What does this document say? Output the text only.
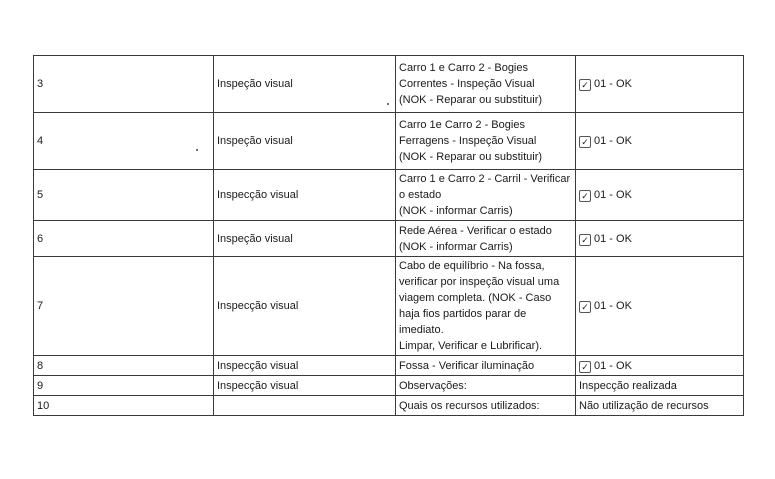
3	Inspeção visual	Carro 1 e Carro 2 - Bogies
Correntes - Inspeção Visual
(NOK - Reparar ou substituir)	✓ 01 - OK
4	Inspeção visual	Carro 1e Carro 2 - Bogies
Ferragens - Inspeção Visual
(NOK - Reparar ou substituir)	✓ 01 - OK
5	Inspecção visual	Carro 1 e Carro 2 - Carril - Verificar
o estado
(NOK - informar Carris)	✓ 01 - OK
6	Inspeção visual	Rede Aérea - Verificar o estado
(NOK - informar Carris)	✓ 01 - OK
7	Inspecção visual	Cabo de equilíbrio - Na fossa,
verificar por inspeção visual uma
viagem completa. (NOK - Caso
haja fios partidos parar de imediato.
Limpar, Verificar e Lubrificar).	✓ 01 - OK
8	Inspecção visual	Fossa - Verificar iluminação	✓ 01 - OK
9	Inspecção visual	Observações:	Inspecção realizada
10		Quais os recursos utilizados:	Não utilização de recursos
